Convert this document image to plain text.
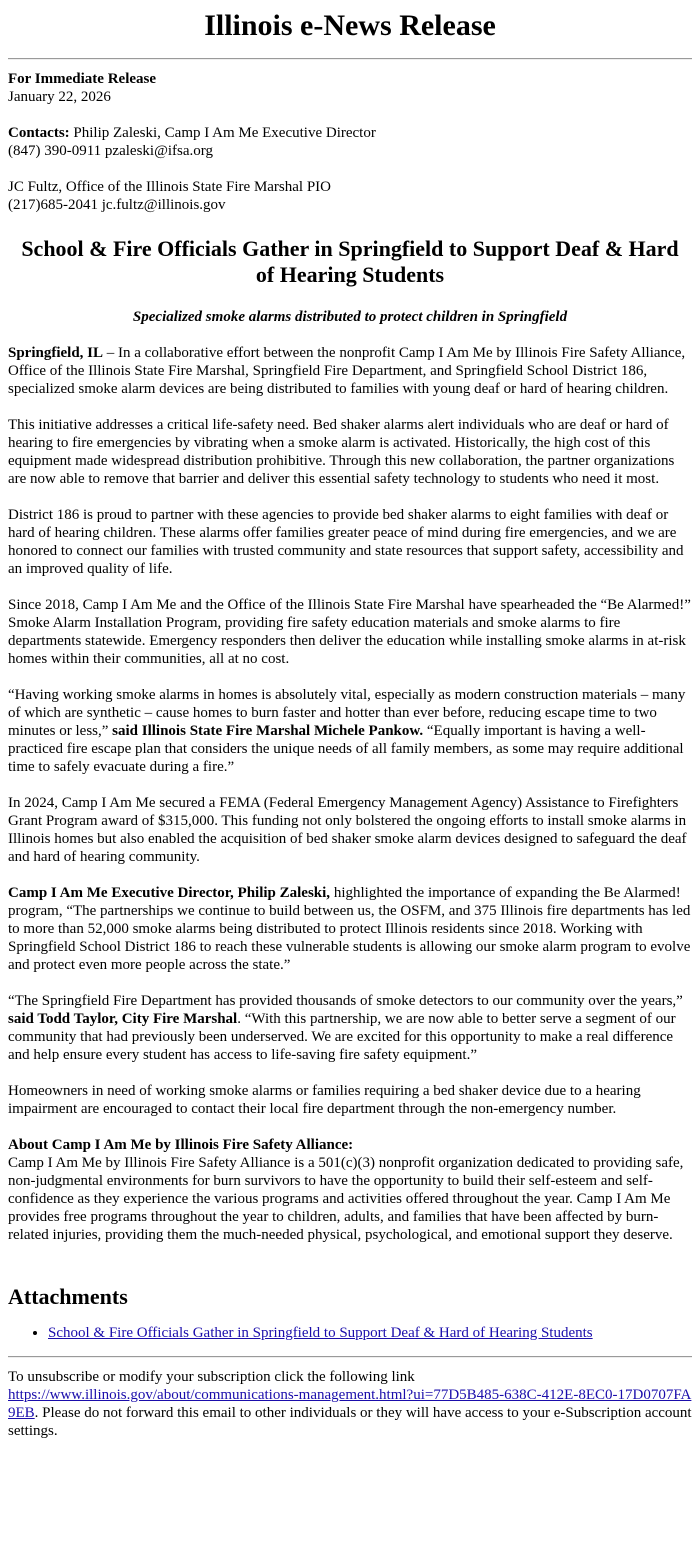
Illinois e-News Release
For Immediate Release
January 22, 2026
Contacts: Philip Zaleski, Camp I Am Me Executive Director
(847) 390-0911 pzaleski@ifsa.org
JC Fultz, Office of the Illinois State Fire Marshal PIO
(217)685-2041 jc.fultz@illinois.gov
School & Fire Officials Gather in Springfield to Support Deaf & Hard of Hearing Students
Specialized smoke alarms distributed to protect children in Springfield

Springfield, IL – In a collaborative effort between the nonprofit Camp I Am Me by Illinois Fire Safety Alliance, Office of the Illinois State Fire Marshal, Springfield Fire Department, and Springfield School District 186, specialized smoke alarm devices are being distributed to families with young deaf or hard of hearing children.

This initiative addresses a critical life-safety need. Bed shaker alarms alert individuals who are deaf or hard of hearing to fire emergencies by vibrating when a smoke alarm is activated. Historically, the high cost of this equipment made widespread distribution prohibitive. Through this new collaboration, the partner organizations are now able to remove that barrier and deliver this essential safety technology to students who need it most.

District 186 is proud to partner with these agencies to provide bed shaker alarms to eight families with deaf or hard of hearing children. These alarms offer families greater peace of mind during fire emergencies, and we are honored to connect our families with trusted community and state resources that support safety, accessibility and an improved quality of life.

Since 2018, Camp I Am Me and the Office of the Illinois State Fire Marshal have spearheaded the “Be Alarmed!” Smoke Alarm Installation Program, providing fire safety education materials and smoke alarms to fire departments statewide. Emergency responders then deliver the education while installing smoke alarms in at-risk homes within their communities, all at no cost.

“Having working smoke alarms in homes is absolutely vital, especially as modern construction materials – many of which are synthetic – cause homes to burn faster and hotter than ever before, reducing escape time to two minutes or less,” said Illinois State Fire Marshal Michele Pankow. “Equally important is having a well-practiced fire escape plan that considers the unique needs of all family members, as some may require additional time to safely evacuate during a fire.”

In 2024, Camp I Am Me secured a FEMA (Federal Emergency Management Agency) Assistance to Firefighters Grant Program award of $315,000. This funding not only bolstered the ongoing efforts to install smoke alarms in Illinois homes but also enabled the acquisition of bed shaker smoke alarm devices designed to safeguard the deaf and hard of hearing community.

Camp I Am Me Executive Director, Philip Zaleski, highlighted the importance of expanding the Be Alarmed! program, “The partnerships we continue to build between us, the OSFM, and 375 Illinois fire departments has led to more than 52,000 smoke alarms being distributed to protect Illinois residents since 2018. Working with Springfield School District 186 to reach these vulnerable students is allowing our smoke alarm program to evolve and protect even more people across the state.”

“The Springfield Fire Department has provided thousands of smoke detectors to our community over the years,” said Todd Taylor, City Fire Marshal. “With this partnership, we are now able to better serve a segment of our community that had previously been underserved. We are excited for this opportunity to make a real difference and help ensure every student has access to life-saving fire safety equipment.”

Homeowners in need of working smoke alarms or families requiring a bed shaker device due to a hearing impairment are encouraged to contact their local fire department through the non-emergency number.

About Camp I Am Me by Illinois Fire Safety Alliance:
Camp I Am Me by Illinois Fire Safety Alliance is a 501(c)(3) nonprofit organization dedicated to providing safe, non-judgmental environments for burn survivors to have the opportunity to build their self-esteem and self-confidence as they experience the various programs and activities offered throughout the year. Camp I Am Me provides free programs throughout the year to children, adults, and families that have been affected by burn-related injuries, providing them the much-needed physical, psychological, and emotional support they deserve.
Attachments
• School & Fire Officials Gather in Springfield to Support Deaf & Hard of Hearing Students
To unsubscribe or modify your subscription click the following link
https://www.illinois.gov/about/communications-management.html?ui=77D5B485-638C-412E-8EC0-17D0707FA9EB. Please do not forward this email to other individuals or they will have access to your e-Subscription account settings.
